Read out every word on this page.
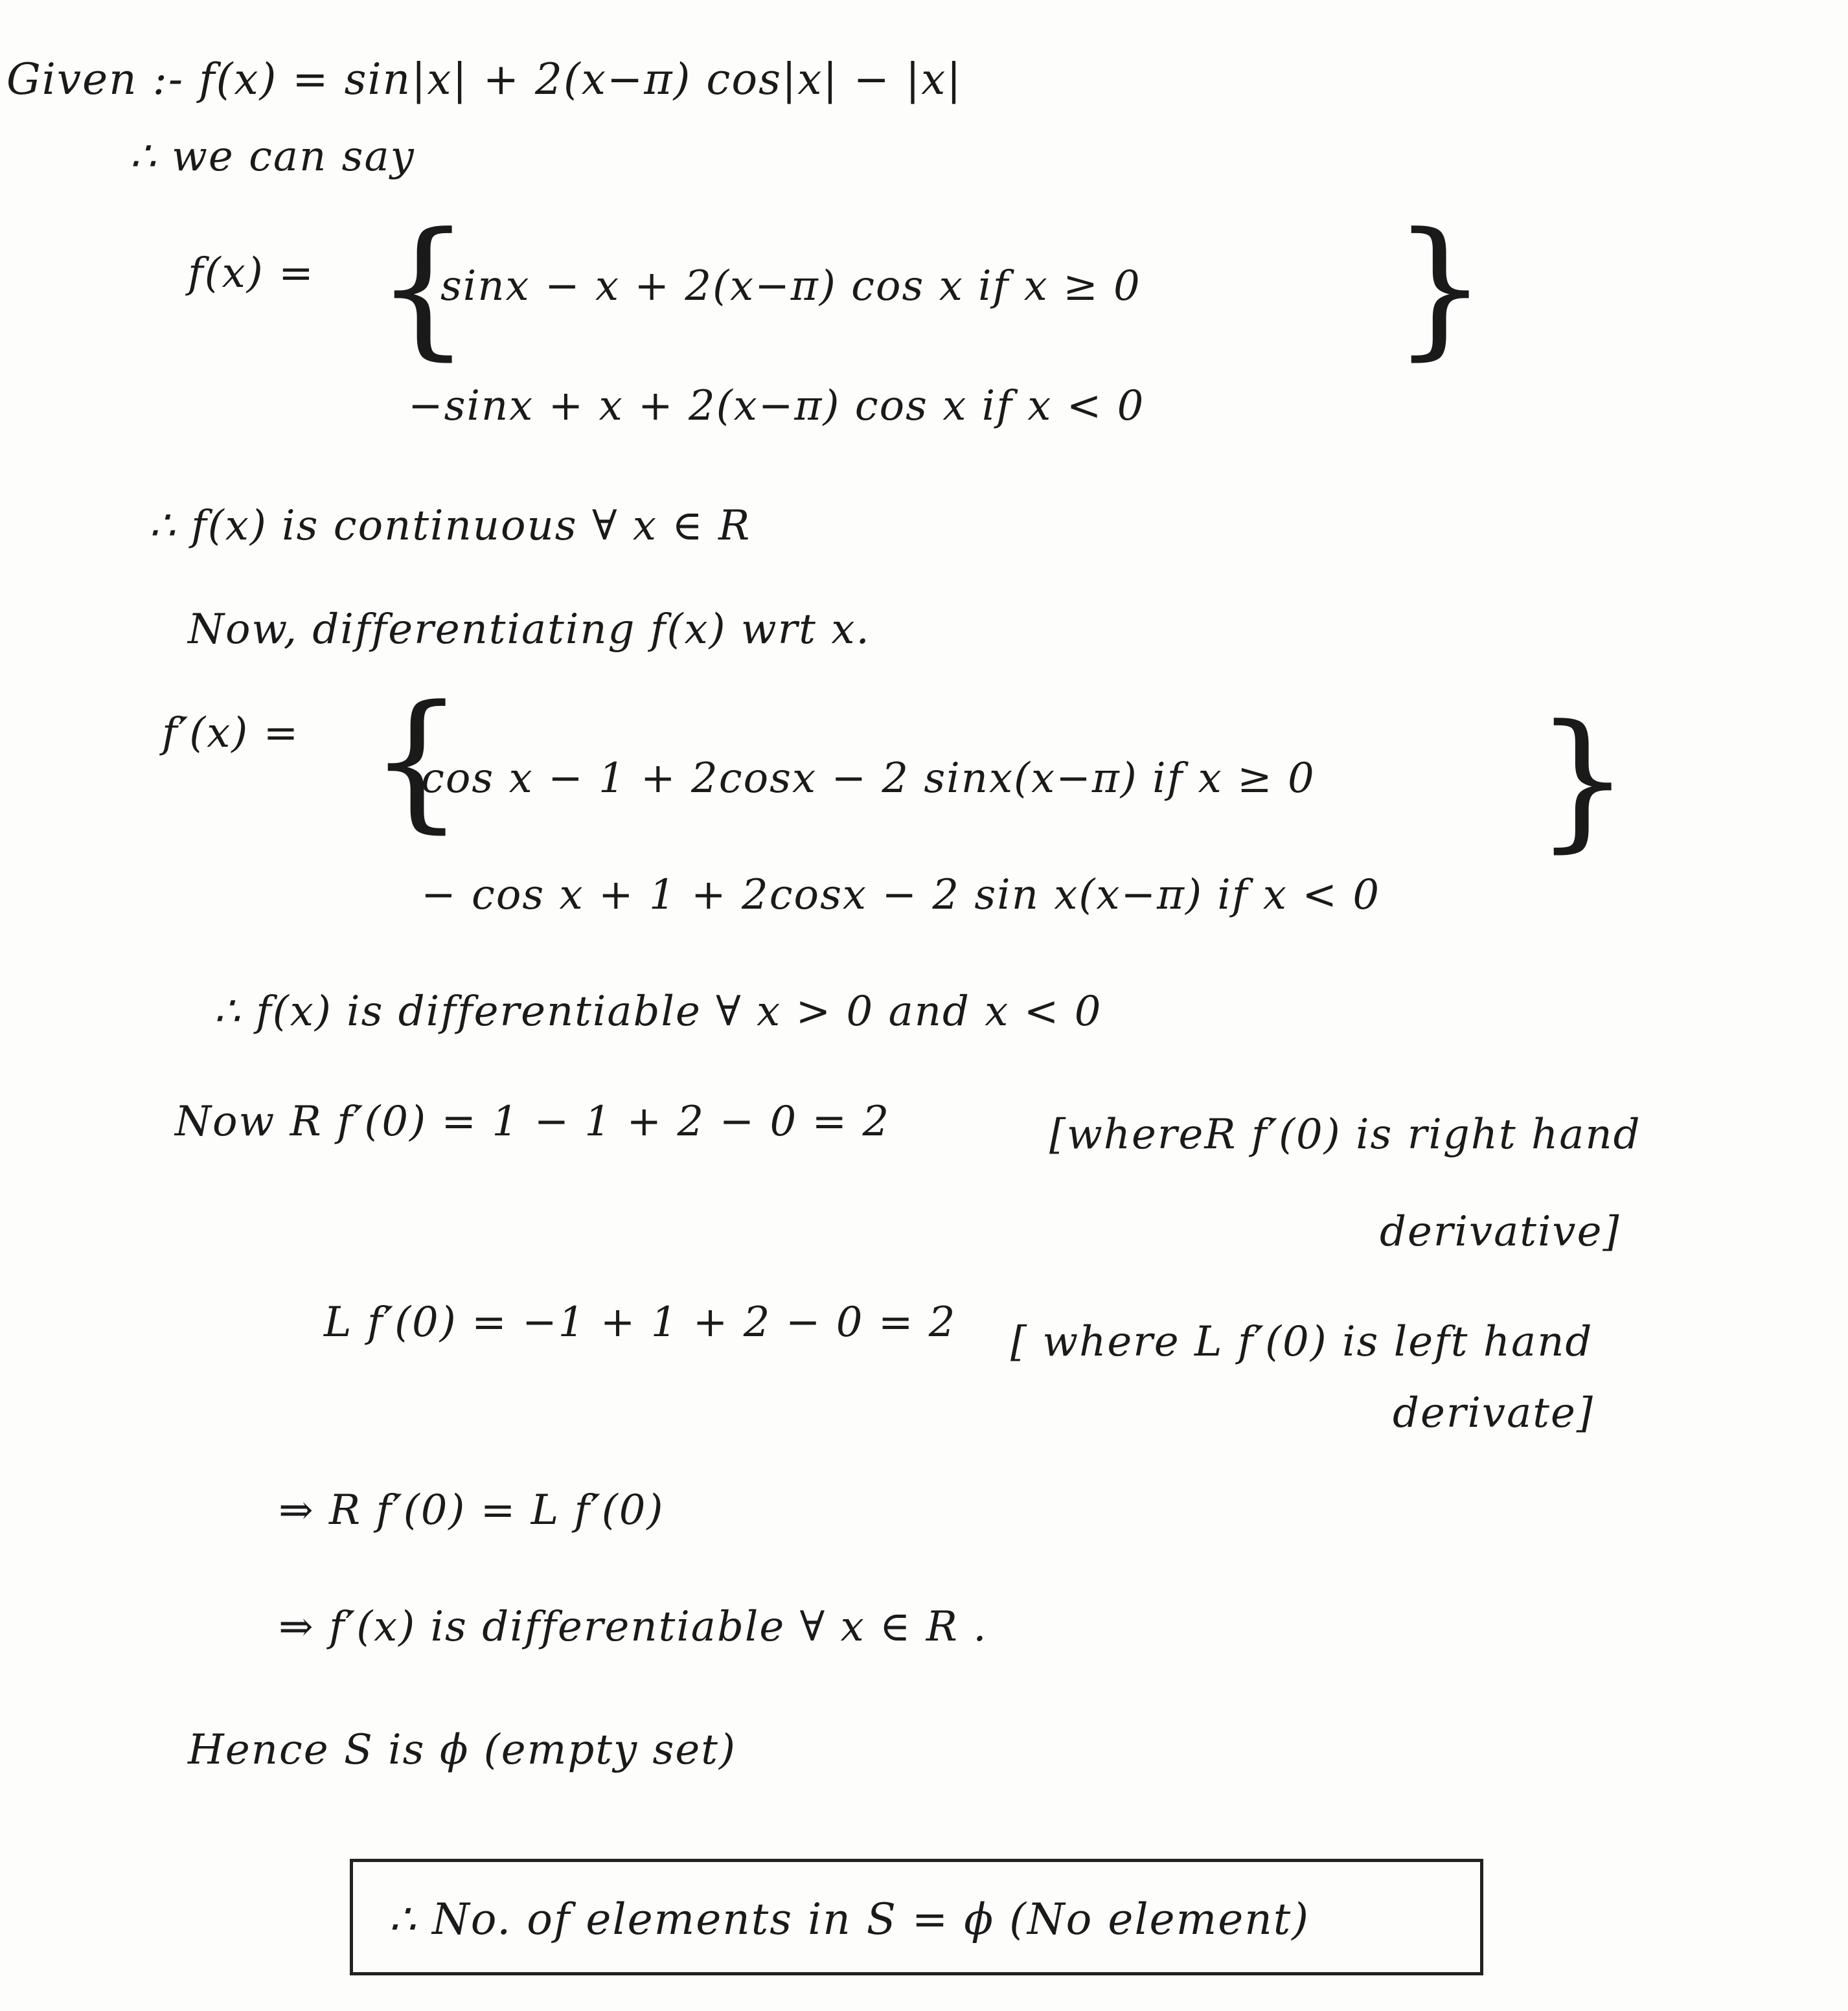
Given :- f(x) = sin|x| + 2(x−π) cos|x| − |x|
∴ we can say
f(x) = {
sinx − x + 2(x−π) cos x if x ≥ 0
−sinx + x + 2(x−π) cos x if x < 0
}
∴ f(x) is continuous ∀ x ∈ R
Now, differentiating f(x) wrt x.
f′(x) = {
cos x − 1 + 2cosx − 2 sinx(x−π) if x ≥ 0
− cos x + 1 + 2cosx − 2 sin x(x−π) if x < 0
}
∴ f(x) is differentiable ∀ x > 0 and x < 0
Now R f′(0) = 1 − 1 + 2 − 0 = 2	[whereR f′(0) is right hand
derivative]
L f′(0) = −1 + 1 + 2 − 0 = 2 [ where L f′(0) is left hand
derivate]
⇒ R f′(0) = L f′(0)
⇒ f′(x) is differentiable ∀ x ∈ R .
Hence S is ϕ (empty set)
∴ No. of elements in S = ϕ (No element)
